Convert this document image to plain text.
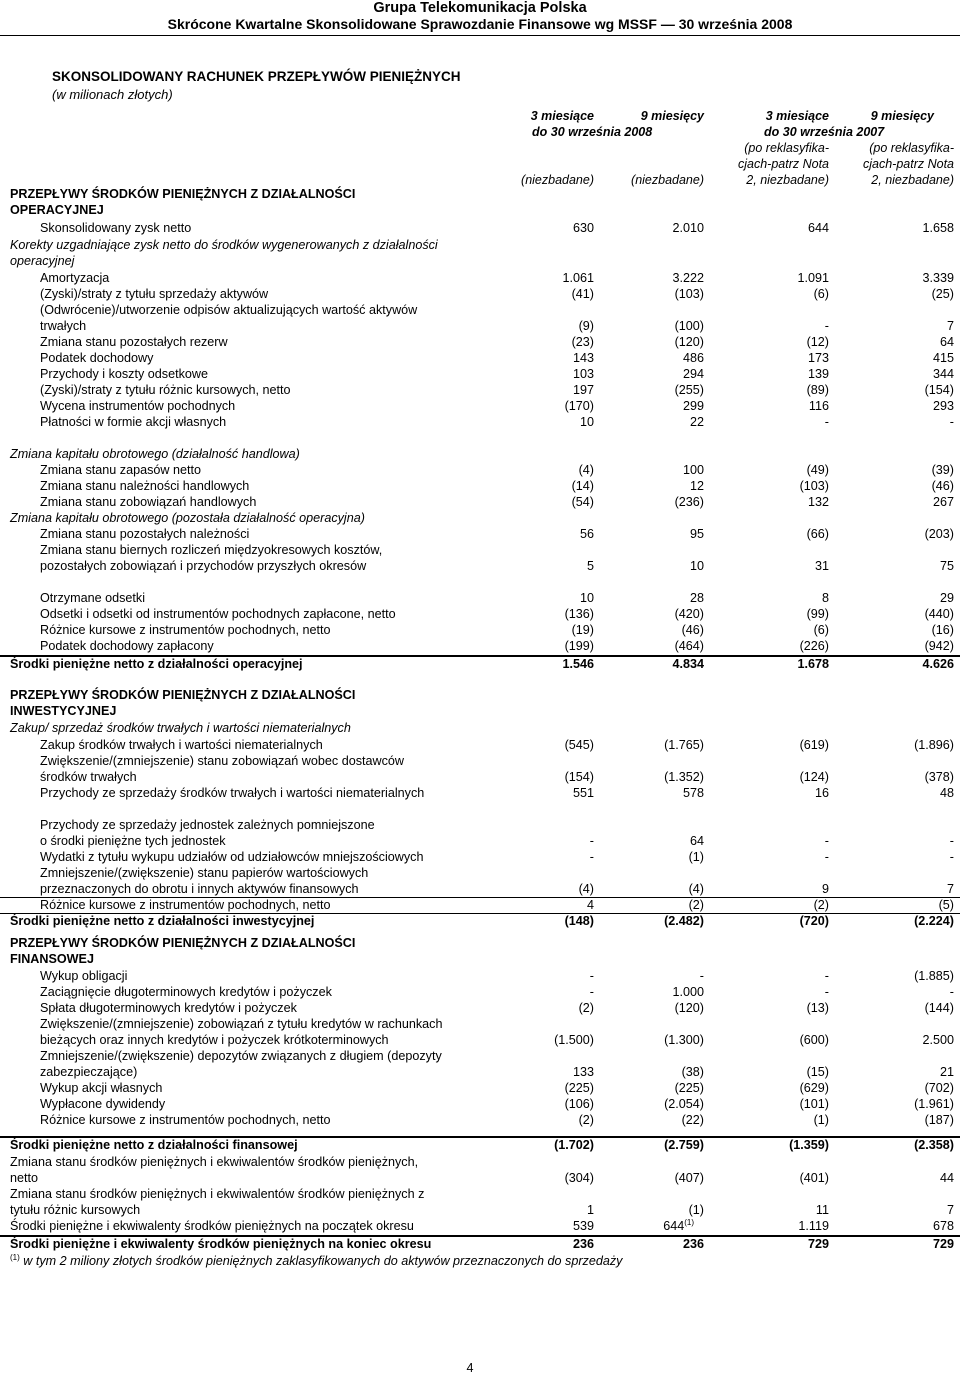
Grupa Telekomunikacja Polska
Skrócone Kwartalne Skonsolidowane Sprawozdanie Finansowe wg MSSF — 30 września 2008
SKONSOLIDOWANY RACHUNEK PRZEPŁYWÓW PIENIĘŻNYCH
(w milionach złotych)
3 miesiące	9 miesięcy	3 miesiące	9 miesięcy
do 30 września 2008	do 30 września 2007
(po reklasyfika-	(po reklasyfika-
cjach-patrz Nota	cjach-patrz Nota
(niezbadane)	(niezbadane)	2, niezbadane)	2, niezbadane)
PRZEPŁYWY ŚRODKÓW PIENIĘŻNYCH Z DZIAŁALNOŚCI
OPERACYJNEJ
Skonsolidowany zysk netto	630	2.010	644	1.658
Korekty uzgadniające zysk netto do środków wygenerowanych z działalności
operacyjnej
Amortyzacja	1.061	3.222	1.091	3.339
(Zyski)/straty z tytułu sprzedaży aktywów	(41)	(103)	(6)	(25)
(Odwrócenie)/utworzenie odpisów aktualizujących wartość aktywów
trwałych	(9)	(100)	-	7
Zmiana stanu pozostałych rezerw	(23)	(120)	(12)	64
Podatek dochodowy	143	486	173	415
Przychody i koszty odsetkowe	103	294	139	344
(Zyski)/straty z tytułu różnic kursowych, netto	197	(255)	(89)	(154)
Wycena instrumentów pochodnych	(170)	299	116	293
Płatności w formie akcji własnych	10	22	-	-
Zmiana kapitału obrotowego (działalność handlowa)
Zmiana stanu zapasów netto	(4)	100	(49)	(39)
Zmiana stanu należności handlowych	(14)	12	(103)	(46)
Zmiana stanu zobowiązań handlowych	(54)	(236)	132	267
Zmiana kapitału obrotowego (pozostała działalność operacyjna)
Zmiana stanu pozostałych należności	56	95	(66)	(203)
Zmiana stanu biernych rozliczeń międzyokresowych kosztów,
pozostałych zobowiązań i przychodów przyszłych okresów	5	10	31	75
Otrzymane odsetki	10	28	8	29
Odsetki i odsetki od instrumentów pochodnych zapłacone, netto	(136)	(420)	(99)	(440)
Różnice kursowe z instrumentów pochodnych, netto	(19)	(46)	(6)	(16)
Podatek dochodowy zapłacony	(199)	(464)	(226)	(942)
Środki pieniężne netto z działalności operacyjnej	1.546	4.834	1.678	4.626
PRZEPŁYWY ŚRODKÓW PIENIĘŻNYCH Z DZIAŁALNOŚCI
INWESTYCYJNEJ
Zakup/ sprzedaż środków trwałych i wartości niematerialnych
Zakup środków trwałych i wartości niematerialnych	(545)	(1.765)	(619)	(1.896)
Zwiększenie/(zmniejszenie) stanu zobowiązań wobec dostawców
środków trwałych	(154)	(1.352)	(124)	(378)
Przychody ze sprzedaży środków trwałych i wartości niematerialnych	551	578	16	48
Przychody ze sprzedaży jednostek zależnych pomniejszone
o środki pieniężne tych jednostek	-	64	-	-
Wydatki z tytułu wykupu udziałów od udziałowców mniejszościowych	-	(1)	-	-
Zmniejszenie/(zwiększenie) stanu papierów wartościowych
przeznaczonych do obrotu i innych aktywów finansowych	(4)	(4)	9	7
Różnice kursowe z instrumentów pochodnych, netto	4	(2)	(2)	(5)
Środki pieniężne netto z działalności inwestycyjnej	(148)	(2.482)	(720)	(2.224)
PRZEPŁYWY ŚRODKÓW PIENIĘŻNYCH Z DZIAŁALNOŚCI
FINANSOWEJ
Wykup obligacji	-	-	-	(1.885)
Zaciągnięcie długoterminowych kredytów i pożyczek	-	1.000	-	-
Spłata długoterminowych kredytów i pożyczek	(2)	(120)	(13)	(144)
Zwiększenie/(zmniejszenie) zobowiązań z tytułu kredytów w rachunkach
bieżących oraz innych kredytów i pożyczek krótkoterminowych	(1.500)	(1.300)	(600)	2.500
Zmniejszenie/(zwiększenie) depozytów związanych z długiem (depozyty
zabezpieczające)	133	(38)	(15)	21
Wykup akcji własnych	(225)	(225)	(629)	(702)
Wypłacone dywidendy	(106)	(2.054)	(101)	(1.961)
Różnice kursowe z instrumentów pochodnych, netto	(2)	(22)	(1)	(187)
Środki pieniężne netto z działalności finansowej	(1.702)	(2.759)	(1.359)	(2.358)
Zmiana stanu środków pieniężnych i ekwiwalentów środków pieniężnych,
netto	(304)	(407)	(401)	44
Zmiana stanu środków pieniężnych i ekwiwalentów środków pieniężnych z
tytułu różnic kursowych	1	(1)	11	7
Środki pieniężne i ekwiwalenty środków pieniężnych na początek okresu	539	644$^{(1)}$	1.119	678
Środki pieniężne i ekwiwalenty środków pieniężnych na koniec okresu	236	236	729	729
$^{(1)}$ w tym 2 miliony złotych środków pieniężnych zaklasyfikowanych do aktywów przeznaczonych do sprzedaży
4
